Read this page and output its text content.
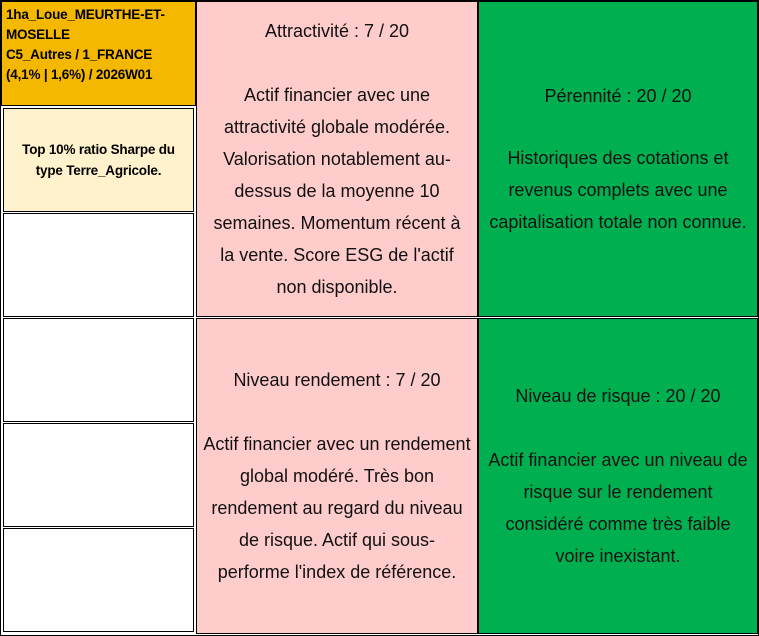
1ha_Loue_MEURTHE-ET-
MOSELLE
C5_Autres / 1_FRANCE
(4,1% | 1,6%) / 2026W01
Top 10% ratio Sharpe du type Terre_Agricole.
Attractivité : 7 / 20
Actif financier avec une attractivité globale modérée. Valorisation notablement au-dessus de la moyenne 10 semaines. Momentum récent à la vente. Score ESG de l'actif non disponible.
Pérennité : 20 / 20
Historiques des cotations et revenus complets avec une capitalisation totale non connue.
Niveau rendement : 7 / 20
Actif financier avec un rendement global modéré. Très bon rendement au regard du niveau de risque. Actif qui sous-performe l'index de référence.
Niveau de risque : 20 / 20
Actif financier avec un niveau de risque sur le rendement considéré comme très faible voire inexistant.
